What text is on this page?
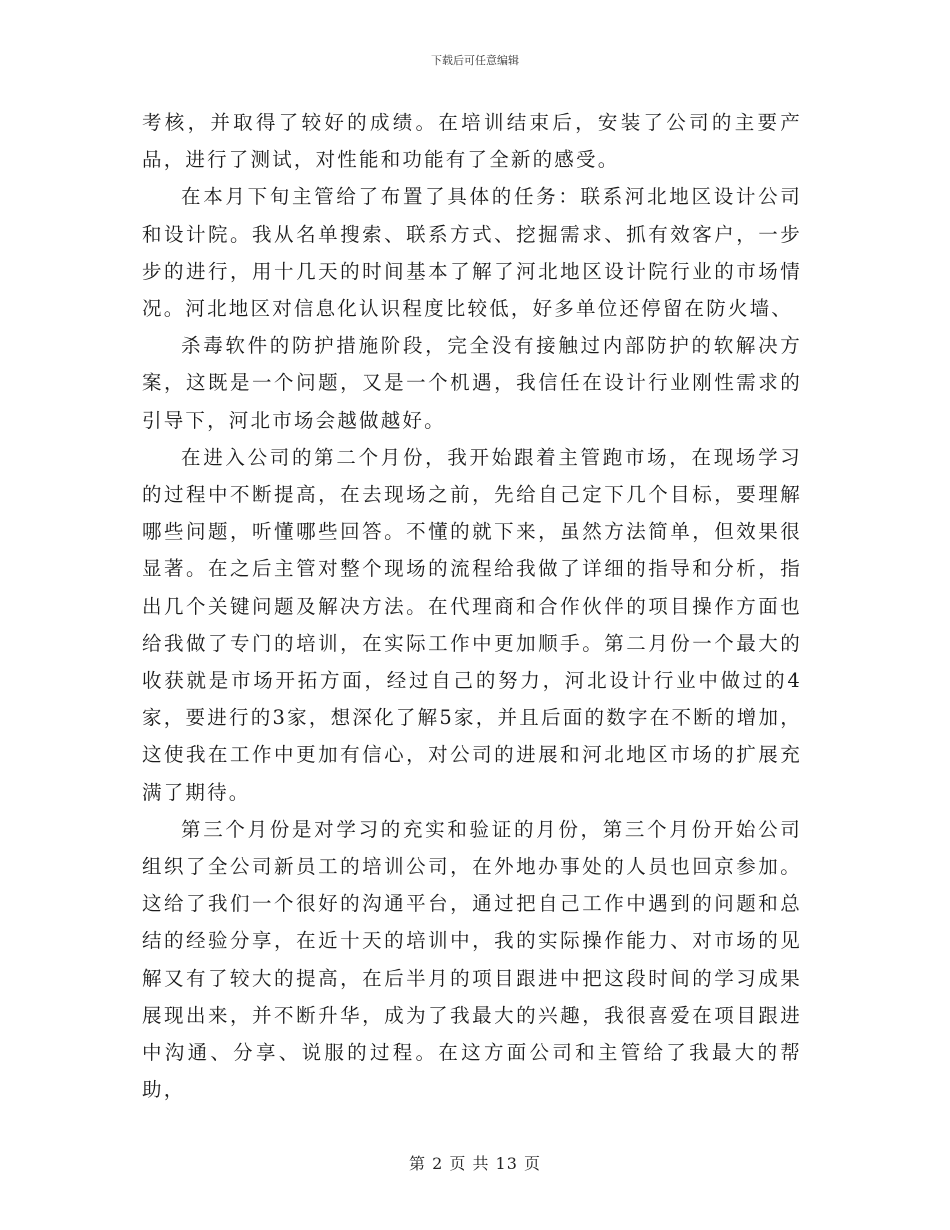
下载后可任意编辑

考核，并取得了较好的成绩。在培训结束后，安装了公司的主要产品，进行了测试，对性能和功能有了全新的感受。

在本月下旬主管给了布置了具体的任务：联系河北地区设计公司和设计院。我从名单搜索、联系方式、挖掘需求、抓有效客户，一步步的进行，用十几天的时间基本了解了河北地区设计院行业的市场情况。河北地区对信息化认识程度比较低，好多单位还停留在防火墙、

杀毒软件的防护措施阶段，完全没有接触过内部防护的软解决方案，这既是一个问题，又是一个机遇，我信任在设计行业刚性需求的引导下，河北市场会越做越好。

在进入公司的第二个月份，我开始跟着主管跑市场，在现场学习的过程中不断提高，在去现场之前，先给自己定下几个目标，要理解哪些问题，听懂哪些回答。不懂的就下来，虽然方法简单，但效果很显著。在之后主管对整个现场的流程给我做了详细的指导和分析，指出几个关键问题及解决方法。在代理商和合作伙伴的项目操作方面也给我做了专门的培训，在实际工作中更加顺手。第二月份一个最大的收获就是市场开拓方面，经过自己的努力，河北设计行业中做过的4家，要进行的3家，想深化了解5家，并且后面的数字在不断的增加，这使我在工作中更加有信心，对公司的进展和河北地区市场的扩展充满了期待。

第三个月份是对学习的充实和验证的月份，第三个月份开始公司组织了全公司新员工的培训公司，在外地办事处的人员也回京参加。这给了我们一个很好的沟通平台，通过把自己工作中遇到的问题和总结的经验分享，在近十天的培训中，我的实际操作能力、对市场的见解又有了较大的提高，在后半月的项目跟进中把这段时间的学习成果展现出来，并不断升华，成为了我最大的兴趣，我很喜爱在项目跟进中沟通、分享、说服的过程。在这方面公司和主管给了我最大的帮助，

第 2 页 共 13 页
